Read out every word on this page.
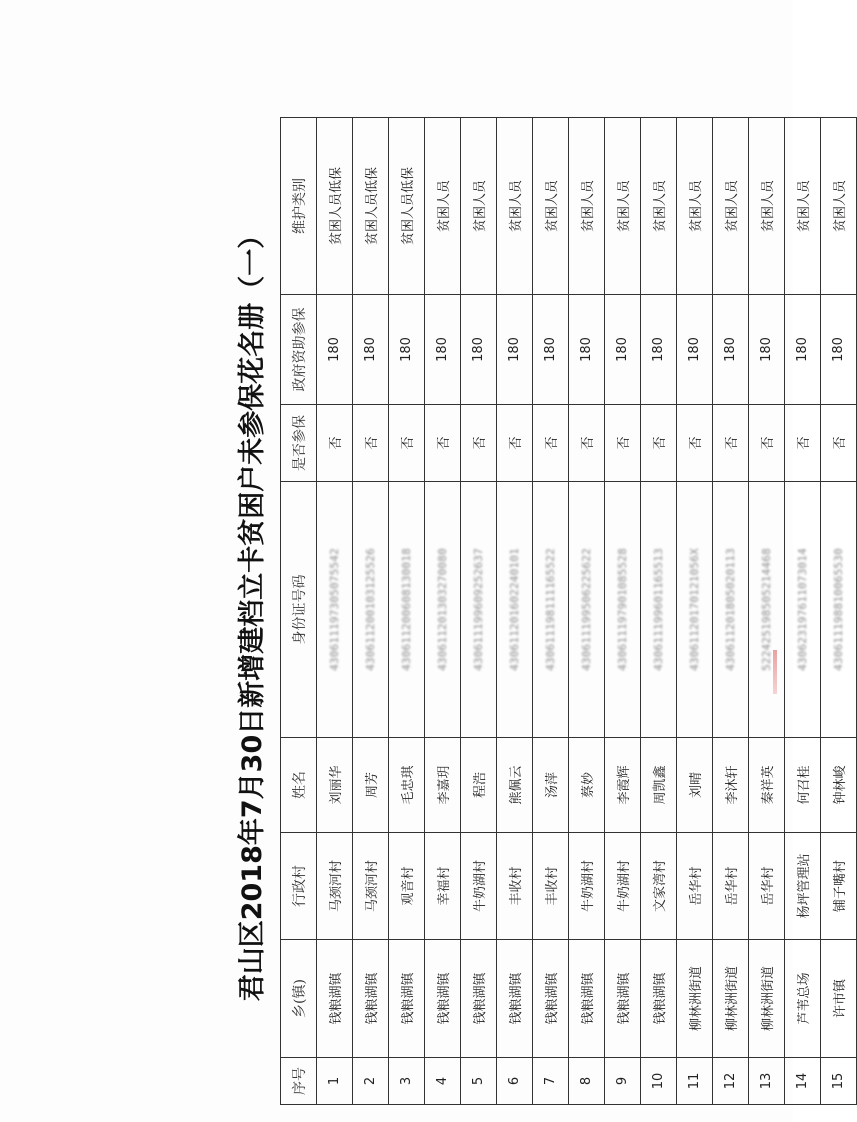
君山区2018年7月30日新增建档立卡贫困户未参保花名册（一）
序号	乡(镇)	行政村	姓名	身份证号码	是否参保	政府资助参保	维护类别
1	钱粮湖镇	马颈河村	刘丽华	430611197305075542	否	180	贫困人员低保
2	钱粮湖镇	马颈河村	周芳	430611200103125526	否	180	贫困人员低保
3	钱粮湖镇	观音村	毛忠琪	430611200608130018	否	180	贫困人员低保
4	钱粮湖镇	幸福村	李嘉玥	430611201303270080	否	180	贫困人员
5	钱粮湖镇	牛奶湖村	程浩	430611199609252637	否	180	贫困人员
6	钱粮湖镇	丰收村	熊佩云	430611201602240101	否	180	贫困人员
7	钱粮湖镇	丰收村	汤萍	430611198111165522	否	180	贫困人员
8	钱粮湖镇	牛奶湖村	蔡妙	430611199506225622	否	180	贫困人员
9	钱粮湖镇	牛奶湖村	李霞辉	430611197901085528	否	180	贫困人员
10	钱粮湖镇	文家湾村	周凯鑫	430611199601165513	否	180	贫困人员
11	柳林洲街道	岳华村	刘晴	43061120170121056X	否	180	贫困人员
12	柳林洲街道	岳华村	李沐轩	430611201805020113	否	180	贫困人员
13	柳林洲街道	岳华村	秦祥英	522425198505214468	否	180	贫困人员
14	芦苇总场	杨坪管理站	何召桂	430623197611073014	否	180	贫困人员
15	许市镇	铺子嘴村	钟林峻	430611198810065530	否	180	贫困人员
